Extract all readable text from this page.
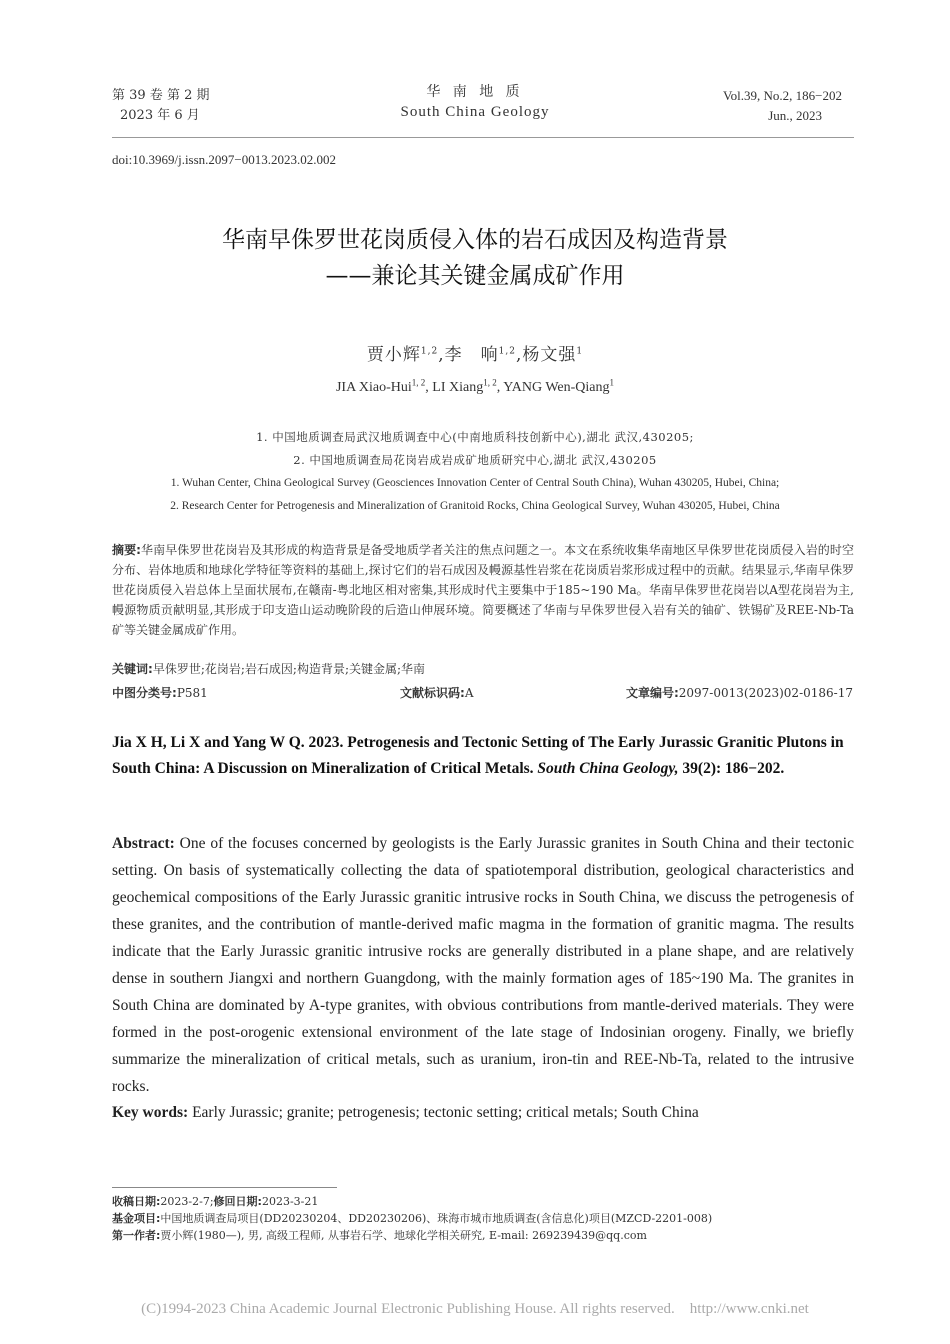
第 39 卷 第 2 期
2023 年 6 月
华 南 地 质
South China Geology
Vol.39, No.2, 186−202
Jun., 2023
doi:10.3969/j.issn.2097−0013.2023.02.002
华南早侏罗世花岗质侵入体的岩石成因及构造背景
——兼论其关键金属成矿作用
贾小辉$^{1,2}$,李　响$^{1,2}$,杨文强$^1$
JIA Xiao-Hui$^{1, 2}$, LI Xiang$^{1, 2}$, YANG Wen-Qiang$^1$
1. 中国地质调查局武汉地质调查中心(中南地质科技创新中心),湖北 武汉,430205;
2. 中国地质调查局花岗岩成岩成矿地质研究中心,湖北 武汉,430205
1. Wuhan Center, China Geological Survey (Geosciences Innovation Center of Central South China), Wuhan 430205, Hubei, China;
2. Research Center for Petrogenesis and Mineralization of Granitoid Rocks, China Geological Survey, Wuhan 430205, Hubei, China
摘要:华南早侏罗世花岗岩及其形成的构造背景是备受地质学者关注的焦点问题之一。本文在系统收集华南地区早侏罗世花岗质侵入岩的时空分布、岩体地质和地球化学特征等资料的基础上,探讨它们的岩石成因及幔源基性岩浆在花岗质岩浆形成过程中的贡献。结果显示,华南早侏罗世花岗质侵入岩总体上呈面状展布,在赣南-粤北地区相对密集,其形成时代主要集中于185~190 Ma。华南早侏罗世花岗岩以A型花岗岩为主,幔源物质贡献明显,其形成于印支造山运动晚阶段的后造山伸展环境。简要概述了华南与早侏罗世侵入岩有关的铀矿、铁锡矿及REE-Nb-Ta矿等关键金属成矿作用。
关键词:早侏罗世;花岗岩;岩石成因;构造背景;关键金属;华南
中图分类号:P581	文献标识码:A	文章编号:2097-0013(2023)02-0186-17
Jia X H, Li X and Yang W Q. 2023. Petrogenesis and Tectonic Setting of The Early Jurassic Granitic Plutons in South China: A Discussion on Mineralization of Critical Metals. South China Geology, 39(2): 186−202.
Abstract: One of the focuses concerned by geologists is the Early Jurassic granites in South China and their tectonic setting. On basis of systematically collecting the data of spatiotemporal distribution, geological characteristics and geochemical compositions of the Early Jurassic granitic intrusive rocks in South China, we discuss the petrogenesis of these granites, and the contribution of mantle-derived mafic magma in the formation of granitic magma. The results indicate that the Early Jurassic granitic intrusive rocks are generally distributed in a plane shape, and are relatively dense in southern Jiangxi and northern Guangdong, with the mainly formation ages of 185~190 Ma. The granites in South China are dominated by A-type granites, with obvious contributions from mantle-derived materials. They were formed in the post-orogenic extensional environment of the late stage of Indosinian orogeny. Finally, we briefly summarize the mineralization of critical metals, such as uranium, iron-tin and REE-Nb-Ta, related to the intrusive rocks.
Key words: Early Jurassic; granite; petrogenesis; tectonic setting; critical metals; South China
收稿日期:2023-2-7;修回日期:2023-3-21
基金项目:中国地质调查局项目(DD20230204、DD20230206)、珠海市城市地质调查(含信息化)项目(MZCD-2201-008)
第一作者:贾小辉(1980—), 男, 高级工程师, 从事岩石学、地球化学相关研究, E-mail: 269239439@qq.com
(C)1994-2023 China Academic Journal Electronic Publishing House. All rights reserved.　http://www.cnki.net
